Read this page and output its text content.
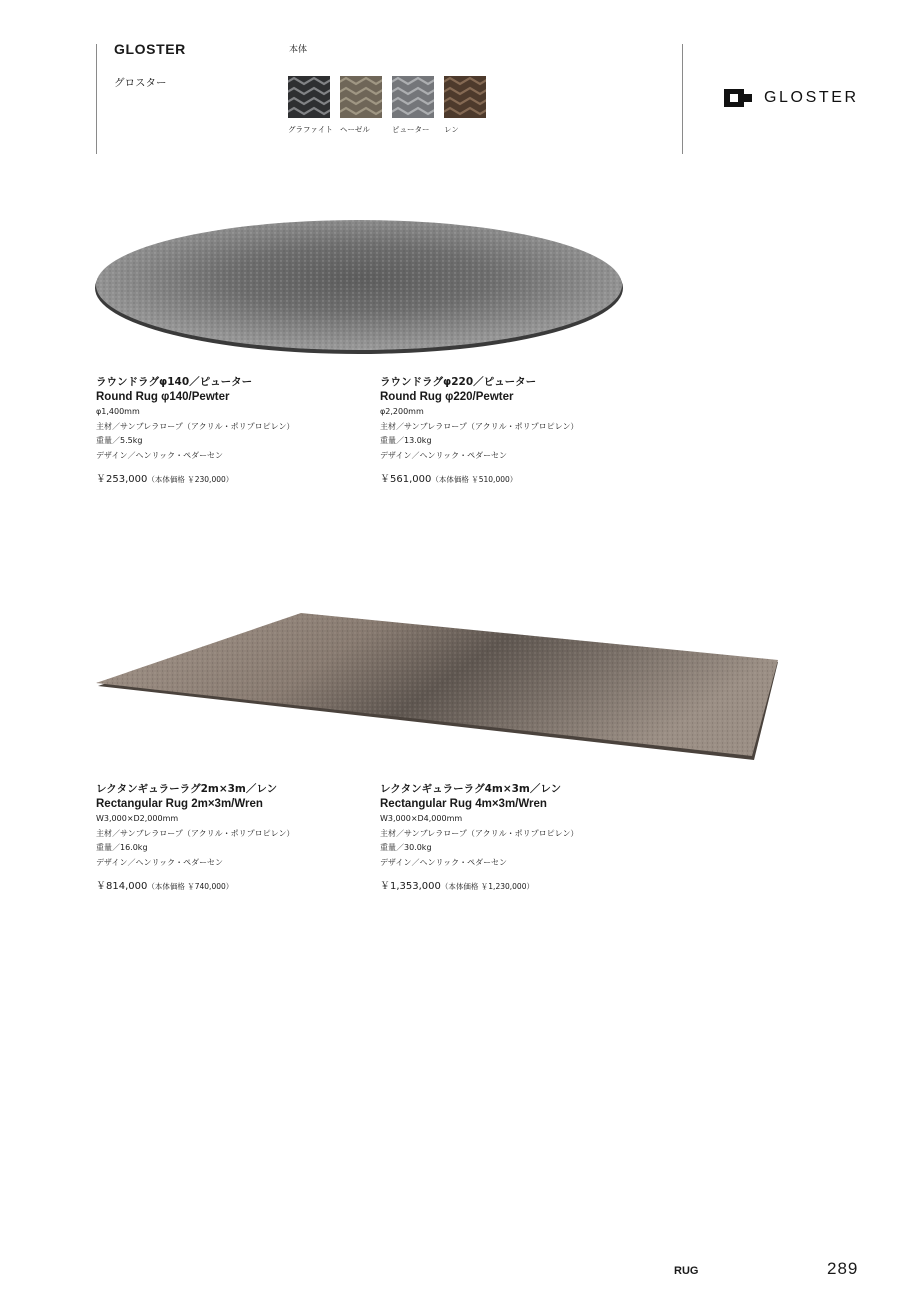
GLOSTER
グロスター
本体
グラファイト ヘーゼル	ピューター	レン
GLOSTER
ラウンドラグφ140／ピューター
Round Rug φ140/Pewter
φ1,400mm
主材／サンブレラロープ（アクリル・ポリプロピレン）
重量／5.5kg
デザイン／ヘンリック・ペダーセン
￥253,000（本体価格 ￥230,000）
ラウンドラグφ220／ピューター
Round Rug φ220/Pewter
φ2,200mm
主材／サンブレラロープ（アクリル・ポリプロピレン）
重量／13.0kg
デザイン／ヘンリック・ペダーセン
￥561,000（本体価格 ￥510,000）
レクタンギュラーラグ2m×3m／レン
Rectangular Rug 2m×3m/Wren
W3,000×D2,000mm
主材／サンブレラロープ（アクリル・ポリプロピレン）
重量／16.0kg
デザイン／ヘンリック・ペダーセン
￥814,000（本体価格 ￥740,000）
レクタンギュラーラグ4m×3m／レン
Rectangular Rug 4m×3m/Wren
W3,000×D4,000mm
主材／サンブレラロープ（アクリル・ポリプロピレン）
重量／30.0kg
デザイン／ヘンリック・ペダーセン
￥1,353,000（本体価格 ￥1,230,000）
RUG	289
